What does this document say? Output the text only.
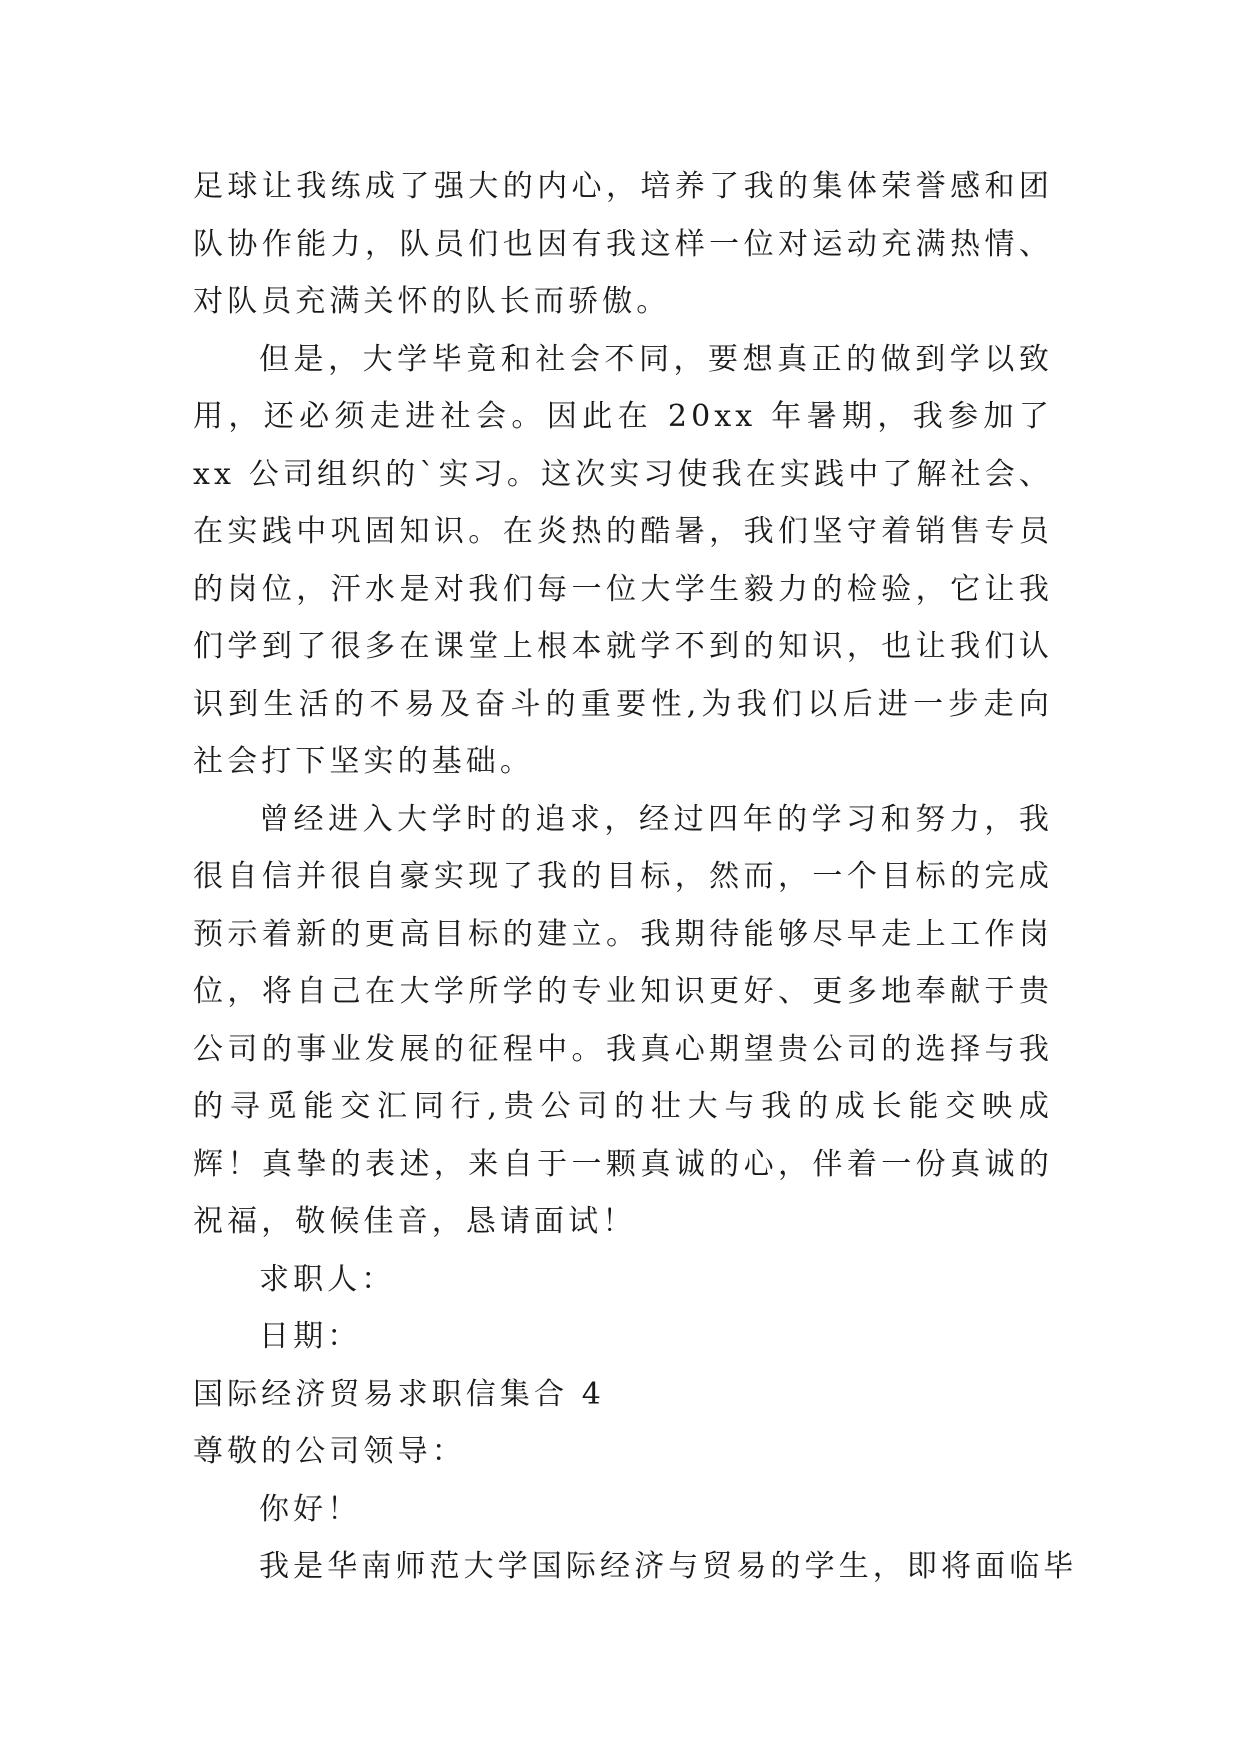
足球让我练成了强大的内心，培养了我的集体荣誉感和团队协作能力，队员们也因有我这样一位对运动充满热情、对队员充满关怀的队长而骄傲。

但是，大学毕竟和社会不同，要想真正的做到学以致用，还必须走进社会。因此在 20xx 年暑期，我参加了 xx 公司组织的`实习。这次实习使我在实践中了解社会、在实践中巩固知识。在炎热的酷暑，我们坚守着销售专员的岗位，汗水是对我们每一位大学生毅力的检验，它让我们学到了很多在课堂上根本就学不到的知识，也让我们认识到生活的不易及奋斗的重要性,为我们以后进一步走向社会打下坚实的基础。

曾经进入大学时的追求，经过四年的学习和努力，我很自信并很自豪实现了我的目标，然而，一个目标的完成预示着新的更高目标的建立。我期待能够尽早走上工作岗位，将自己在大学所学的专业知识更好、更多地奉献于贵公司的事业发展的征程中。我真心期望贵公司的选择与我的寻觅能交汇同行,贵公司的壮大与我的成长能交映成辉！真挚的表述，来自于一颗真诚的心，伴着一份真诚的祝福，敬候佳音，恳请面试！

求职人：

日期：

国际经济贸易求职信集合 4

尊敬的公司领导：

你好！

我是华南师范大学国际经济与贸易的学生，即将面临毕
